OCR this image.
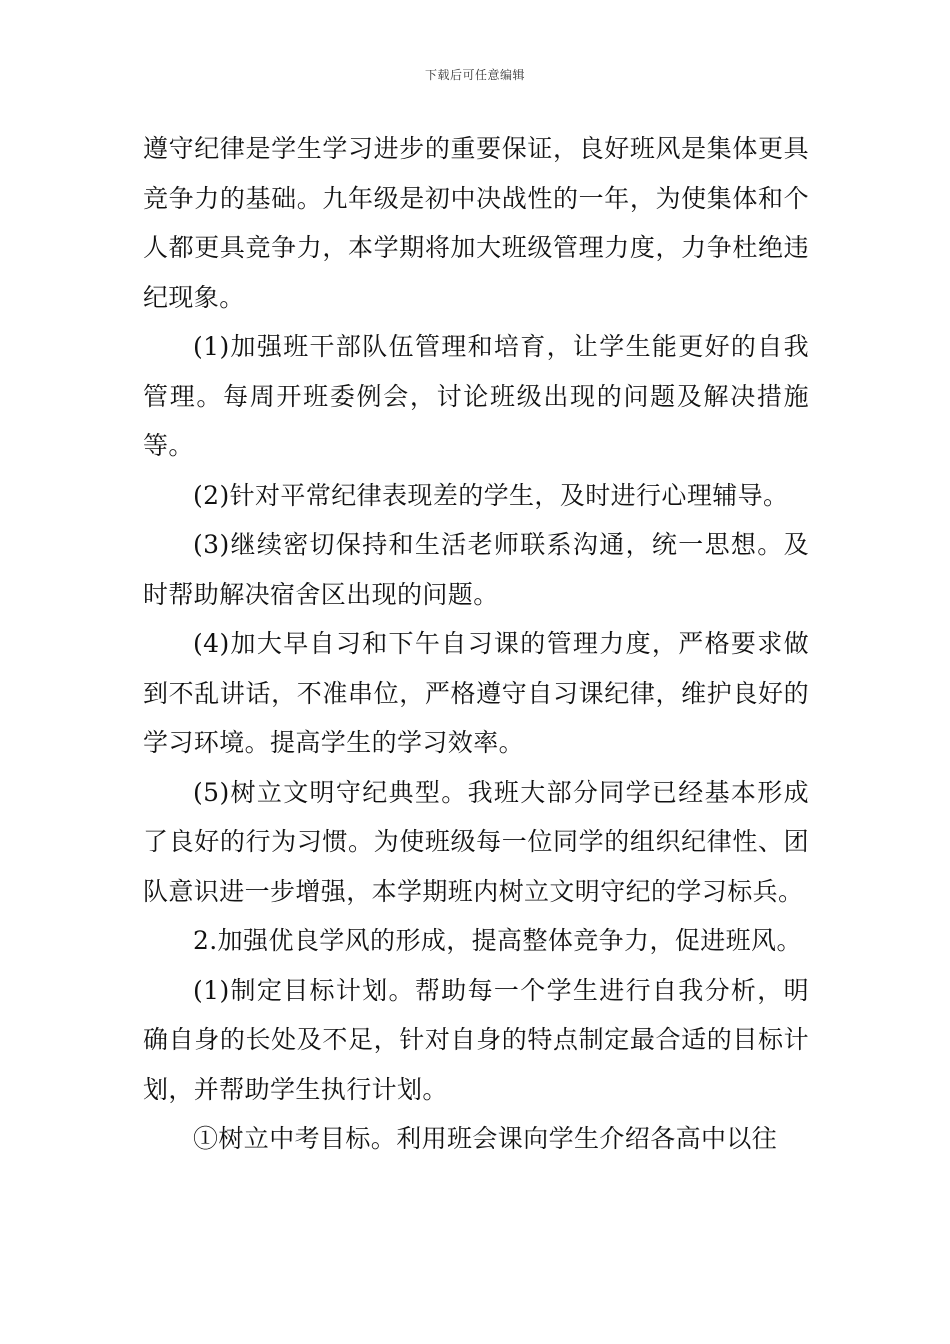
下载后可任意编辑

遵守纪律是学生学习进步的重要保证，良好班风是集体更具竞争力的基础。九年级是初中决战性的一年，为使集体和个人都更具竞争力，本学期将加大班级管理力度，力争杜绝违纪现象。

(1)加强班干部队伍管理和培育，让学生能更好的自我管理。每周开班委例会，讨论班级出现的问题及解决措施等。

(2)针对平常纪律表现差的学生，及时进行心理辅导。

(3)继续密切保持和生活老师联系沟通，统一思想。及时帮助解决宿舍区出现的问题。

(4)加大早自习和下午自习课的管理力度，严格要求做到不乱讲话，不准串位，严格遵守自习课纪律，维护良好的学习环境。提高学生的学习效率。

(5)树立文明守纪典型。我班大部分同学已经基本形成了良好的行为习惯。为使班级每一位同学的组织纪律性、团队意识进一步增强，本学期班内树立文明守纪的学习标兵。

2.加强优良学风的形成，提高整体竞争力，促进班风。

(1)制定目标计划。帮助每一个学生进行自我分析，明确自身的长处及不足，针对自身的特点制定最合适的目标计划，并帮助学生执行计划。

①树立中考目标。利用班会课向学生介绍各高中以往
